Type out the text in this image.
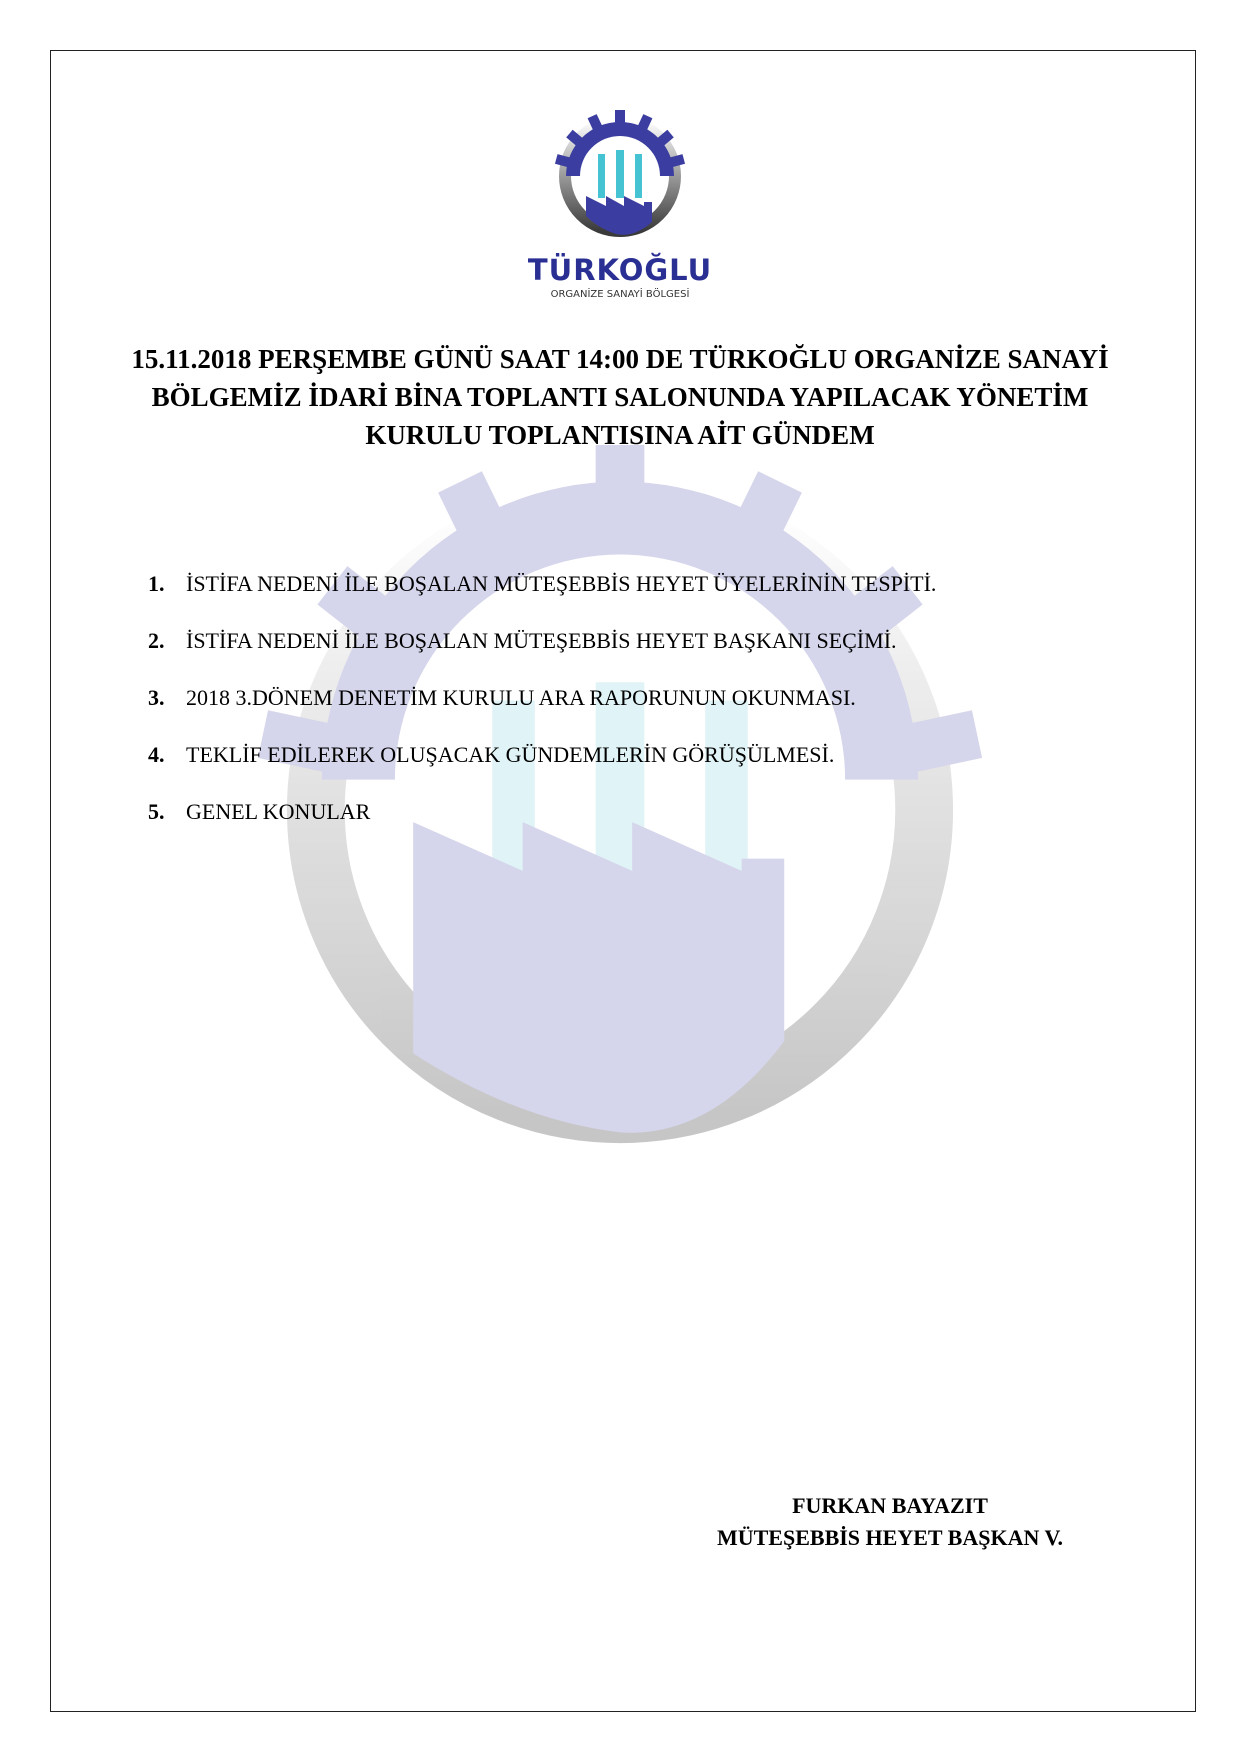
TÜRKOĞLU
ORGANİZE SANAYİ BÖLGESİ
15.11.2018 PERŞEMBE GÜNÜ SAAT 14:00 DE TÜRKOĞLU ORGANİZE SANAYİ
BÖLGEMİZ İDARİ BİNA TOPLANTI SALONUNDA YAPILACAK YÖNETİM
KURULU TOPLANTISINA AİT GÜNDEM
1. İSTİFA NEDENİ İLE BOŞALAN MÜTEŞEBBİS HEYET ÜYELERİNİN TESPİTİ.
2. İSTİFA NEDENİ İLE BOŞALAN MÜTEŞEBBİS HEYET BAŞKANI SEÇİMİ.
3. 2018 3.DÖNEM DENETİM KURULU ARA RAPORUNUN OKUNMASI.
4. TEKLİF EDİLEREK OLUŞACAK GÜNDEMLERİN GÖRÜŞÜLMESİ.
5. GENEL KONULAR
FURKAN BAYAZIT
MÜTEŞEBBİS HEYET BAŞKAN V.
